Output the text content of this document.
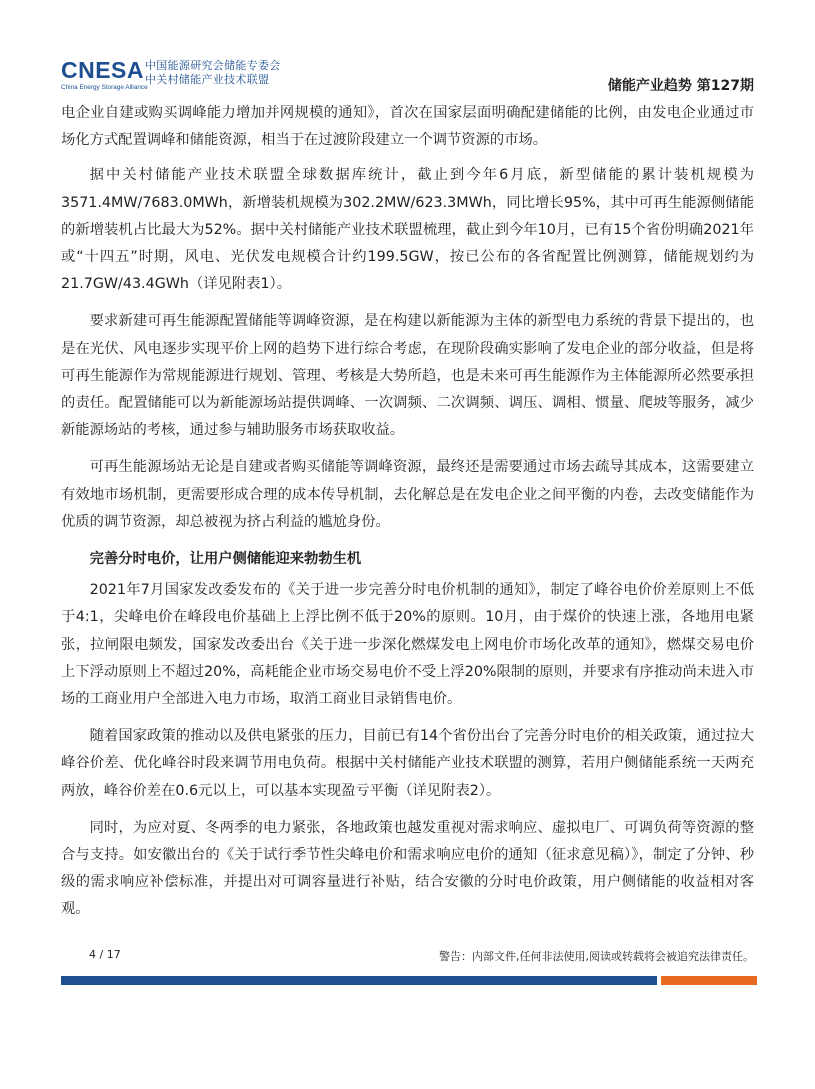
CNESA
China Energy Storage Alliance
中国能源研究会储能专委会
中关村储能产业技术联盟	储能产业趋势 第127期

电企业自建或购买调峰能力增加并网规模的通知》，首次在国家层面明确配建储能的比例，由发电企业通过市场化方式配置调峰和储能资源，相当于在过渡阶段建立一个调节资源的市场。

据中关村储能产业技术联盟全球数据库统计，截止到今年6月底，新型储能的累计装机规模为3571.4MW/7683.0MWh，新增装机规模为302.2MW/623.3MWh，同比增长95%，其中可再生能源侧储能的新增装机占比最大为52%。据中关村储能产业技术联盟梳理，截止到今年10月，已有15个省份明确2021年或“十四五”时期，风电、光伏发电规模合计约199.5GW，按已公布的各省配置比例测算，储能规划约为21.7GW/43.4GWh（详见附表1）。

要求新建可再生能源配置储能等调峰资源，是在构建以新能源为主体的新型电力系统的背景下提出的，也是在光伏、风电逐步实现平价上网的趋势下进行综合考虑，在现阶段确实影响了发电企业的部分收益，但是将可再生能源作为常规能源进行规划、管理、考核是大势所趋，也是未来可再生能源作为主体能源所必然要承担的责任。配置储能可以为新能源场站提供调峰、一次调频、二次调频、调压、调相、惯量、爬坡等服务，减少新能源场站的考核，通过参与辅助服务市场获取收益。

可再生能源场站无论是自建或者购买储能等调峰资源，最终还是需要通过市场去疏导其成本，这需要建立有效地市场机制，更需要形成合理的成本传导机制，去化解总是在发电企业之间平衡的内卷，去改变储能作为优质的调节资源，却总被视为挤占利益的尴尬身份。

完善分时电价，让用户侧储能迎来勃勃生机

2021年7月国家发改委发布的《关于进一步完善分时电价机制的通知》，制定了峰谷电价价差原则上不低于4:1，尖峰电价在峰段电价基础上上浮比例不低于20%的原则。10月，由于煤价的快速上涨，各地用电紧张，拉闸限电频发，国家发改委出台《关于进一步深化燃煤发电上网电价市场化改革的通知》，燃煤交易电价上下浮动原则上不超过20%，高耗能企业市场交易电价不受上浮20%限制的原则，并要求有序推动尚未进入市场的工商业用户全部进入电力市场，取消工商业目录销售电价。

随着国家政策的推动以及供电紧张的压力，目前已有14个省份出台了完善分时电价的相关政策，通过拉大峰谷价差、优化峰谷时段来调节用电负荷。根据中关村储能产业技术联盟的测算，若用户侧储能系统一天两充两放，峰谷价差在0.6元以上，可以基本实现盈亏平衡（详见附表2）。

同时，为应对夏、冬两季的电力紧张，各地政策也越发重视对需求响应、虚拟电厂、可调负荷等资源的整合与支持。如安徽出台的《关于试行季节性尖峰电价和需求响应电价的通知（征求意见稿）》，制定了分钟、秒级的需求响应补偿标准，并提出对可调容量进行补贴，结合安徽的分时电价政策，用户侧储能的收益相对客观。

4 / 17	警告：内部文件,任何非法使用,阅读或转载将会被追究法律责任。
